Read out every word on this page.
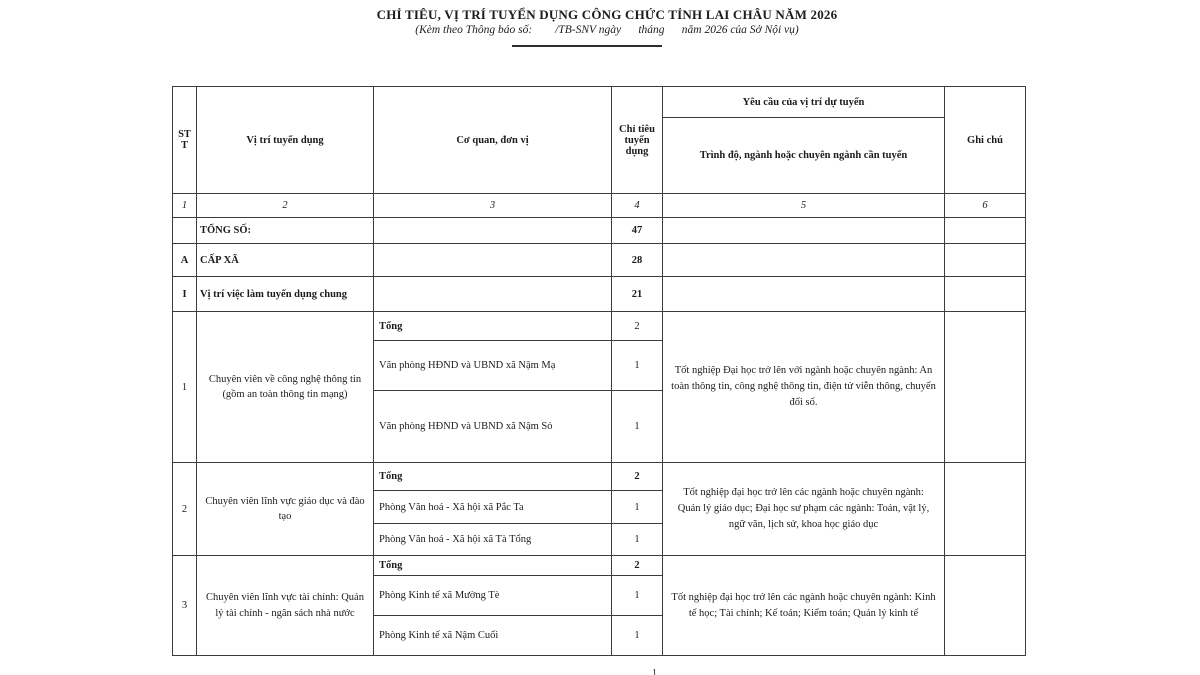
CHỈ TIÊU, VỊ TRÍ TUYỂN DỤNG CÔNG CHỨC TỈNH LAI CHÂU NĂM 2026
(Kèm theo Thông báo số:        /TB-SNV ngày      tháng      năm 2026 của Sở Nội vụ)
STT	Vị trí tuyển dụng	Cơ quan, đơn vị	Chỉ tiêu tuyển dụng	Yêu cầu của vị trí dự tuyển	Ghi chú
				Trình độ, ngành hoặc chuyên ngành cần tuyển	
1	2	3	4	5	6
	TỔNG SỐ:		47		
A	CẤP XÃ		28		
I	Vị trí việc làm tuyển dụng chung		21		
1	Chuyên viên về công nghệ thông tin (gồm an toàn thông tin mạng)	Tổng	2	Tốt nghiệp Đại học trở lên với ngành hoặc chuyên ngành: An toàn thông tin, công nghệ thông tin, điện tử viễn thông, chuyển đổi số.	
		Văn phòng HĐND và UBND xã Nậm Mạ	1		
		Văn phòng HĐND và UBND xã Nậm Sỏ	1		
2	Chuyên viên lĩnh vực giáo dục và đào tạo	Tổng	2	Tốt nghiệp đại học trở lên các ngành hoặc chuyên ngành: Quản lý giáo dục; Đại học sư phạm các ngành: Toán, vật lý, ngữ văn, lịch sử, khoa học giáo dục	
		Phòng Văn hoá - Xã hội xã Pắc Ta	1		
		Phòng Văn hoá - Xã hội xã Tà Tổng	1		
3	Chuyên viên lĩnh vực tài chính: Quản lý tài chính - ngân sách nhà nước	Tổng	2	Tốt nghiệp đại học trở lên các ngành hoặc chuyên ngành: Kinh tế học; Tài chính; Kế toán; Kiểm toán; Quản lý kinh tế	
		Phòng Kinh tế xã Mường Tè	1		
		Phòng Kinh tế xã Nậm Cuổi	1		
1
